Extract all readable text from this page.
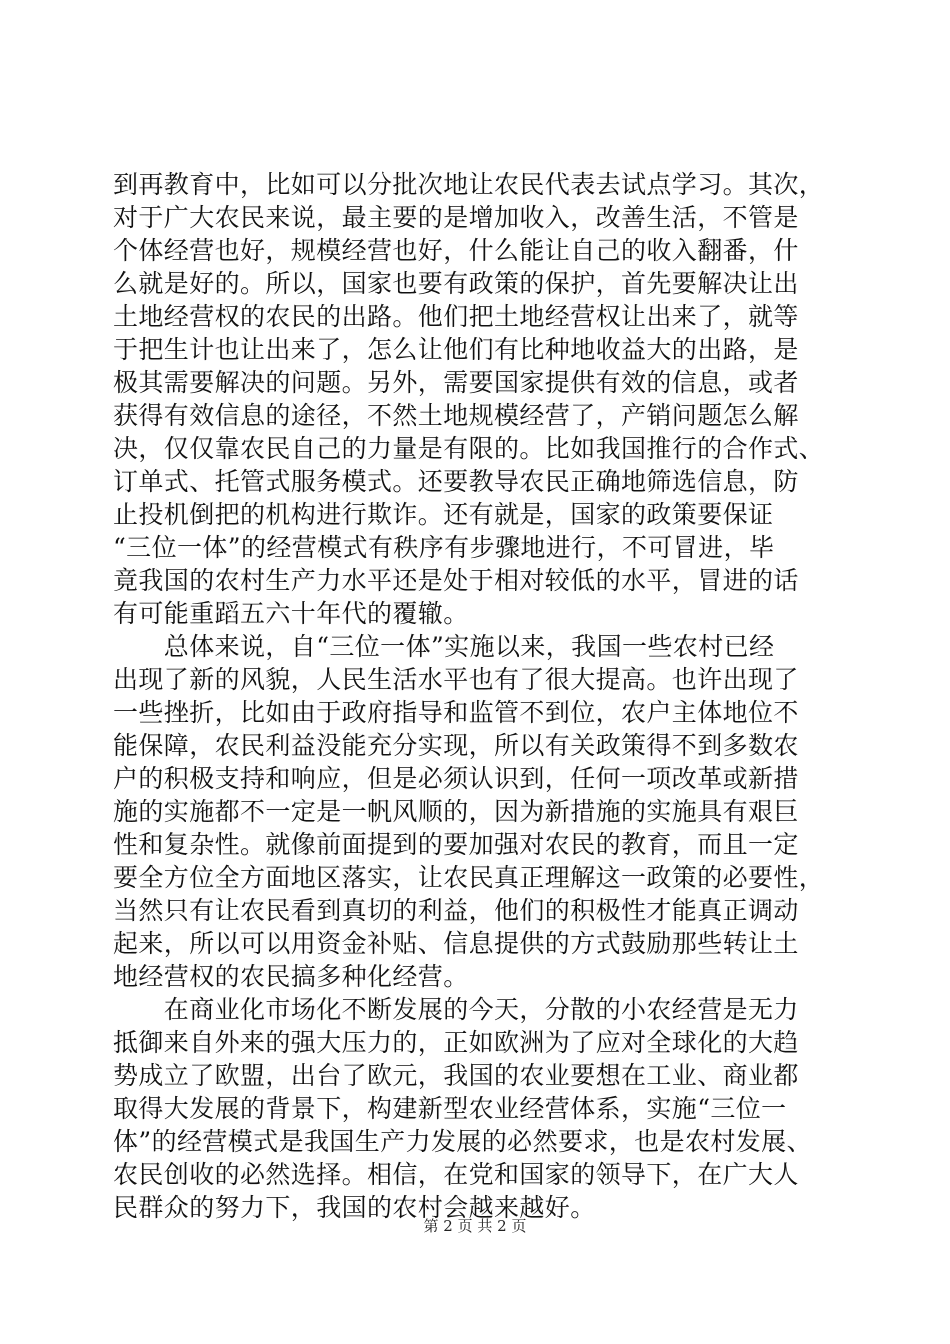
到再教育中，比如可以分批次地让农民代表去试点学习。其次，
对于广大农民来说，最主要的是增加收入，改善生活，不管是
个体经营也好，规模经营也好，什么能让自己的收入翻番，什
么就是好的。所以，国家也要有政策的保护，首先要解决让出
土地经营权的农民的出路。他们把土地经营权让出来了，就等
于把生计也让出来了，怎么让他们有比种地收益大的出路，是
极其需要解决的问题。另外，需要国家提供有效的信息，或者
获得有效信息的途径，不然土地规模经营了，产销问题怎么解
决，仅仅靠农民自己的力量是有限的。比如我国推行的合作式、
订单式、托管式服务模式。还要教导农民正确地筛选信息，防
止投机倒把的机构进行欺诈。还有就是，国家的政策要保证
“三位一体”的经营模式有秩序有步骤地进行，不可冒进，毕
竟我国的农村生产力水平还是处于相对较低的水平，冒进的话
有可能重蹈五六十年代的覆辙。
　　总体来说，自“三位一体”实施以来，我国一些农村已经
出现了新的风貌，人民生活水平也有了很大提高。也许出现了
一些挫折，比如由于政府指导和监管不到位，农户主体地位不
能保障，农民利益没能充分实现，所以有关政策得不到多数农
户的积极支持和响应，但是必须认识到，任何一项改革或新措
施的实施都不一定是一帆风顺的，因为新措施的实施具有艰巨
性和复杂性。就像前面提到的要加强对农民的教育，而且一定
要全方位全方面地区落实，让农民真正理解这一政策的必要性，
当然只有让农民看到真切的利益，他们的积极性才能真正调动
起来，所以可以用资金补贴、信息提供的方式鼓励那些转让土
地经营权的农民搞多种化经营。
　　在商业化市场化不断发展的今天，分散的小农经营是无力
抵御来自外来的强大压力的，正如欧洲为了应对全球化的大趋
势成立了欧盟，出台了欧元，我国的农业要想在工业、商业都
取得大发展的背景下，构建新型农业经营体系，实施“三位一
体”的经营模式是我国生产力发展的必然要求，也是农村发展、
农民创收的必然选择。相信，在党和国家的领导下，在广大人
民群众的努力下，我国的农村会越来越好。
第 2 页 共 2 页
